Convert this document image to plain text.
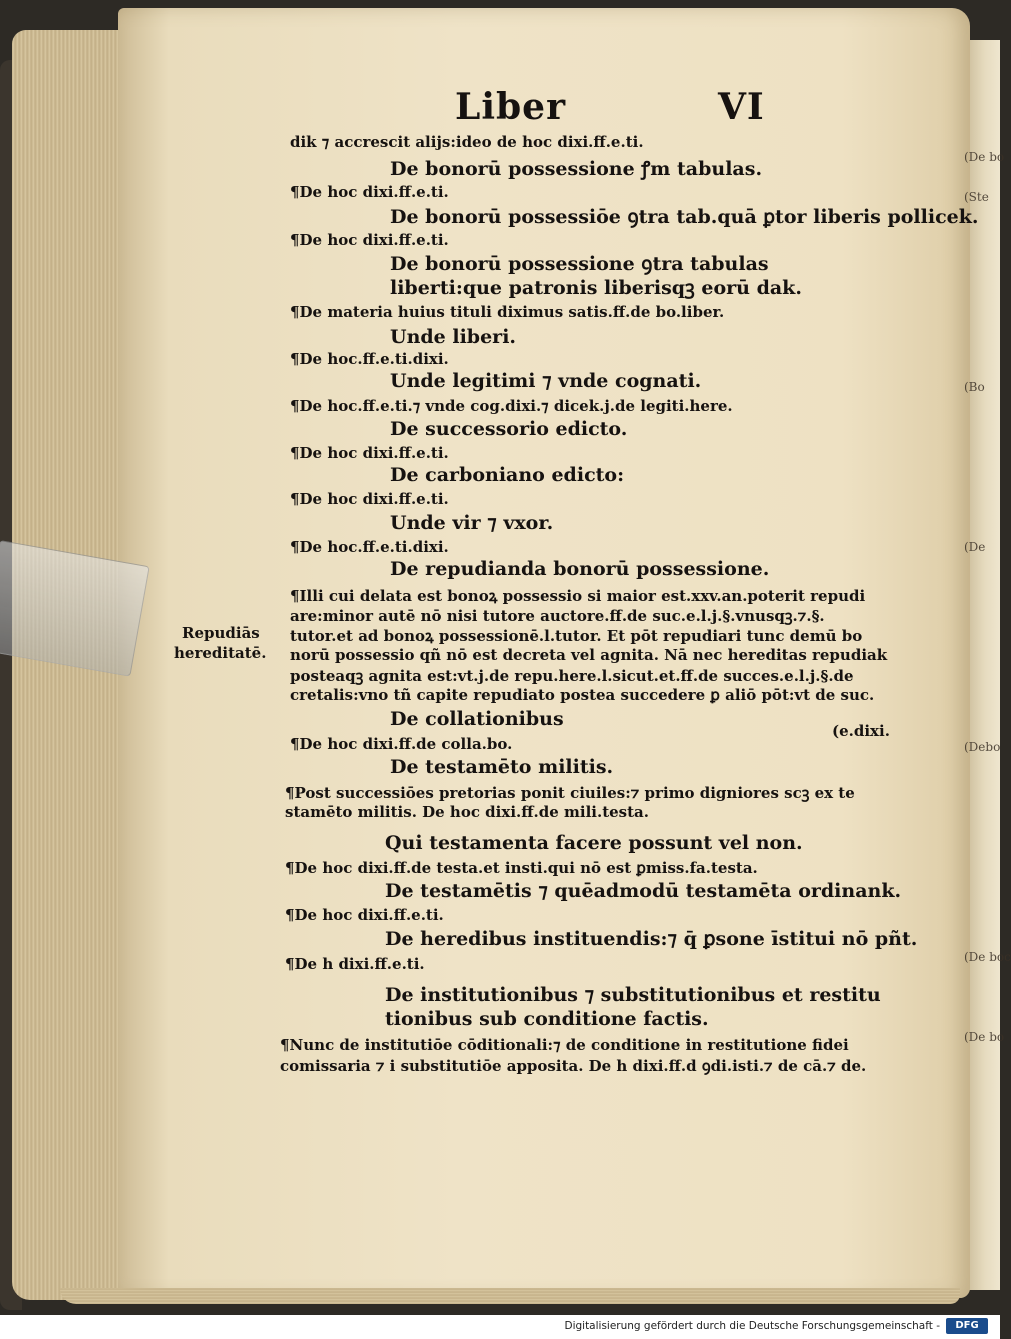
(De bo
(Ste
(Bo
(De
(Debo
(De boc
(De bo
Liber	VI
dik ⁊ accrescit alijs:ideo de hoc dixi.ff.e.ti.
De bonorū possessione ꝭm tabulas.
¶De hoc dixi.ff.e.ti.
De bonorū possessiōe ꝯtra tab.quā ꝑtor liberis pollicek.
¶De hoc dixi.ff.e.ti.
De bonorū possessione ꝯtra tabulas
liberti:que patronis liberisqꝫ eorū dak.
¶De materia huius tituli diximus satis.ff.de bo.liber.
Unde liberi.
¶De hoc.ff.e.ti.dixi.
Unde legitimi ⁊ vnde cognati.
¶De hoc.ff.e.ti.⁊ vnde cog.dixi.⁊ dicek.j.de legiti.here.
De successorio edicto.
¶De hoc dixi.ff.e.ti.
De carboniano edicto:
¶De hoc dixi.ff.e.ti.
Unde vir ⁊ vxor.
¶De hoc.ff.e.ti.dixi.
De repudianda bonorū possessione.
¶Illi cui delata est bonoꝝ possessio si maior est.xxv.an.poterit repudi
are:minor autē nō nisi tutore auctore.ff.de suc.e.l.j.§.vnusqꝫ.⁊.§.
tutor.et ad bonoꝝ possessionē.l.tutor. Et pōt repudiari tunc demū bo
norū possessio qñ nō est decreta vel agnita. Nā nec hereditas repudiak
posteaqꝫ agnita est:vt.j.de repu.here.l.sicut.et.ff.de succes.e.l.j.§.de
cretalis:vno tñ capite repudiato postea succedere ꝑ aliō pōt:vt de suc.
De collationibus
(e.dixi.
¶De hoc dixi.ff.de colla.bo.
De testamēto militis.
¶Post successiōes pretorias ponit ciuiles:⁊ primo digniores scꝫ ex te
stamēto militis. De hoc dixi.ff.de mili.testa.
Qui testamenta facere possunt vel non.
¶De hoc dixi.ff.de testa.et insti.qui nō est ꝑmiss.fa.testa.
De testamētis ⁊ quēadmodū testamēta ordinank.
¶De hoc dixi.ff.e.ti.
De heredibus instituendis:⁊ q̄ ꝑsone īstitui nō pñt.
¶De h dixi.ff.e.ti.
De institutionibus ⁊ substitutionibus et restitu
tionibus sub conditione factis.
¶Nunc de institutiōe cōditionali:⁊ de conditione in restitutione fidei
comissaria ⁊ i substitutiōe apposita. De h dixi.ff.d ꝯdi.isti.⁊ de cā.⁊ de.
Repudiās
hereditatē.
Digitalisierung gefördert durch die Deutsche Forschungsgemeinschaft -	DFG
